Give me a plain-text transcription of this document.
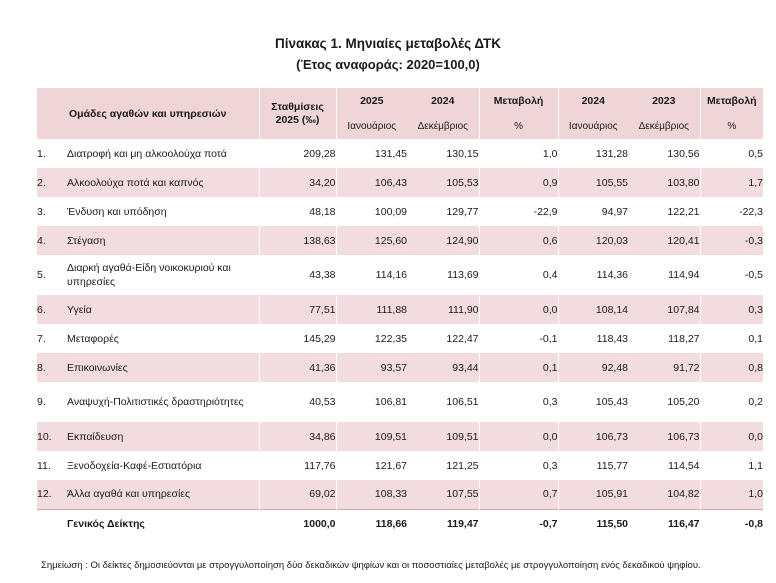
Πίνακας 1. Μηνιαίες μεταβολές ΔΤΚ
(Έτος αναφοράς: 2020=100,0)
Ομάδες αγαθών και υπηρεσιών		Σταθμίσεις 2025 (‰)	2025	2024	Μεταβολή	2024	2023	Μεταβολή
			Ιανουάριος	Δεκέμβριος	%	Ιανουάριος	Δεκέμβριος	%
1.	Διατροφή και μη αλκοολούχα ποτά	209,28	131,45	130,15	1,0	131,28	130,56	0,5
2.	Αλκοολούχα ποτά και καπνός	34,20	106,43	105,53	0,9	105,55	103,80	1,7
3.	Ένδυση και υπόδηση	48,18	100,09	129,77	-22,9	94,97	122,21	-22,3
4.	Στέγαση	138,63	125,60	124,90	0,6	120,03	120,41	-0,3
5.	Διαρκή αγαθά-Είδη νοικοκυριού και υπηρεσίες	43,38	114,16	113,69	0,4	114,36	114,94	-0,5
6.	Υγεία	77,51	111,88	111,90	0,0	108,14	107,84	0,3
7.	Μεταφορές	145,29	122,35	122,47	-0,1	118,43	118,27	0,1
8.	Επικοινωνίες	41,36	93,57	93,44	0,1	92,48	91,72	0,8
9.	Αναψυχή-Πολιτιστικές δραστηριότητες	40,53	106,81	106,51	0,3	105,43	105,20	0,2
10.	Εκπαίδευση	34,86	109,51	109,51	0,0	106,73	106,73	0,0
11.	Ξενοδοχεία-Καφέ-Εστιατόρια	117,76	121,67	121,25	0,3	115,77	114,54	1,1
12.	Άλλα αγαθά και υπηρεσίες	69,02	108,33	107,55	0,7	105,91	104,82	1,0
	Γενικός Δείκτης	1000,0	118,66	119,47	-0,7	115,50	116,47	-0,8
Σημείωση : Οι δείκτες δημοσιεύονται με στρογγυλοποίηση δύο δεκαδικών ψηφίων και οι ποσοστιαίες μεταβολές με στρογγυλοποίηση ενός δεκαδικού ψηφίου.
